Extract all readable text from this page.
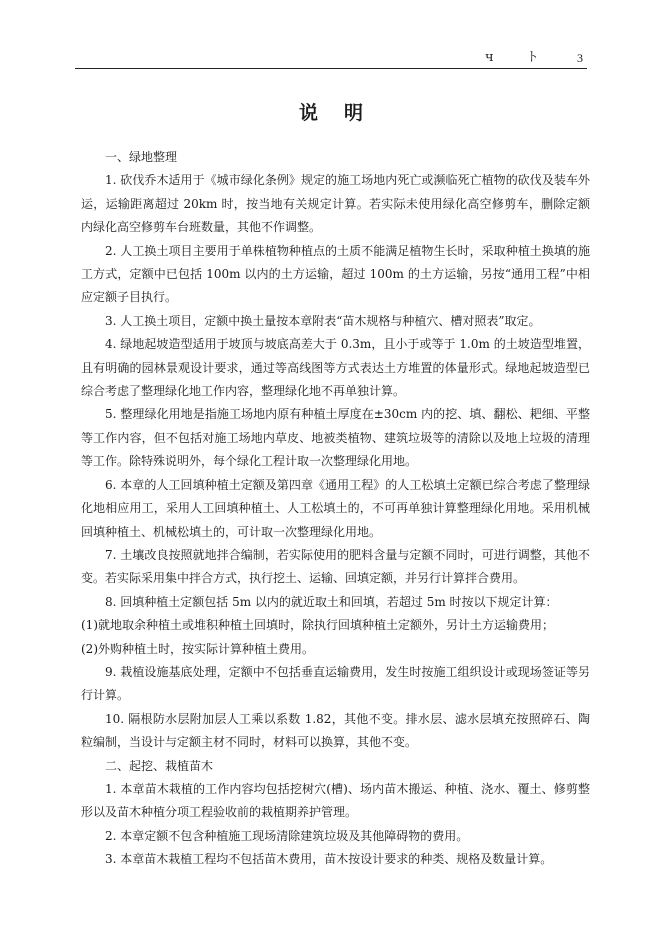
ч ト	3
说明

一、绿地整理

1. 砍伐乔木适用于《城市绿化条例》规定的施工场地内死亡或濒临死亡植物的砍伐及装车外运，运输距离超过 20km 时，按当地有关规定计算。若实际未使用绿化高空修剪车，删除定额内绿化高空修剪车台班数量，其他不作调整。

2. 人工换土项目主要用于单株植物种植点的土质不能满足植物生长时，采取种植土换填的施工方式，定额中已包括 100m 以内的土方运输，超过 100m 的土方运输，另按“通用工程”中相应定额子目执行。

3. 人工换土项目，定额中换土量按本章附表“苗木规格与种植穴、槽对照表”取定。

4. 绿地起坡造型适用于坡顶与坡底高差大于 0.3m，且小于或等于 1.0m 的土坡造型堆置，且有明确的园林景观设计要求，通过等高线图等方式表达土方堆置的体量形式。绿地起坡造型已综合考虑了整理绿化地工作内容，整理绿化地不再单独计算。

5. 整理绿化用地是指施工场地内原有种植土厚度在±30cm 内的挖、填、翻松、耙细、平整等工作内容，但不包括对施工场地内草皮、地被类植物、建筑垃圾等的清除以及地上垃圾的清理等工作。除特殊说明外，每个绿化工程计取一次整理绿化用地。

6. 本章的人工回填种植土定额及第四章《通用工程》的人工松填土定额已综合考虑了整理绿化地相应用工，采用人工回填种植土、人工松填土的，不可再单独计算整理绿化用地。采用机械回填种植土、机械松填土的，可计取一次整理绿化用地。

7. 土壤改良按照就地拌合编制，若实际使用的肥料含量与定额不同时，可进行调整，其他不变。若实际采用集中拌合方式，执行挖土、运输、回填定额，并另行计算拌合费用。

8. 回填种植土定额包括 5m 以内的就近取土和回填，若超过 5m 时按以下规定计算：

(1)就地取余种植土或堆积种植土回填时，除执行回填种植土定额外，另计土方运输费用；

(2)外购种植土时，按实际计算种植土费用。

9. 栽植设施基底处理，定额中不包括垂直运输费用，发生时按施工组织设计或现场签证等另行计算。

10. 隔根防水层附加层人工乘以系数 1.82，其他不变。排水层、滤水层填充按照碎石、陶粒编制，当设计与定额主材不同时，材料可以换算，其他不变。

二、起挖、栽植苗木

1. 本章苗木栽植的工作内容均包括挖树穴(槽)、场内苗木搬运、种植、浇水、覆土、修剪整形以及苗木种植分项工程验收前的栽植期养护管理。

2. 本章定额不包含种植施工现场清除建筑垃圾及其他障碍物的费用。

3. 本章苗木栽植工程均不包括苗木费用，苗木按设计要求的种类、规格及数量计算。
